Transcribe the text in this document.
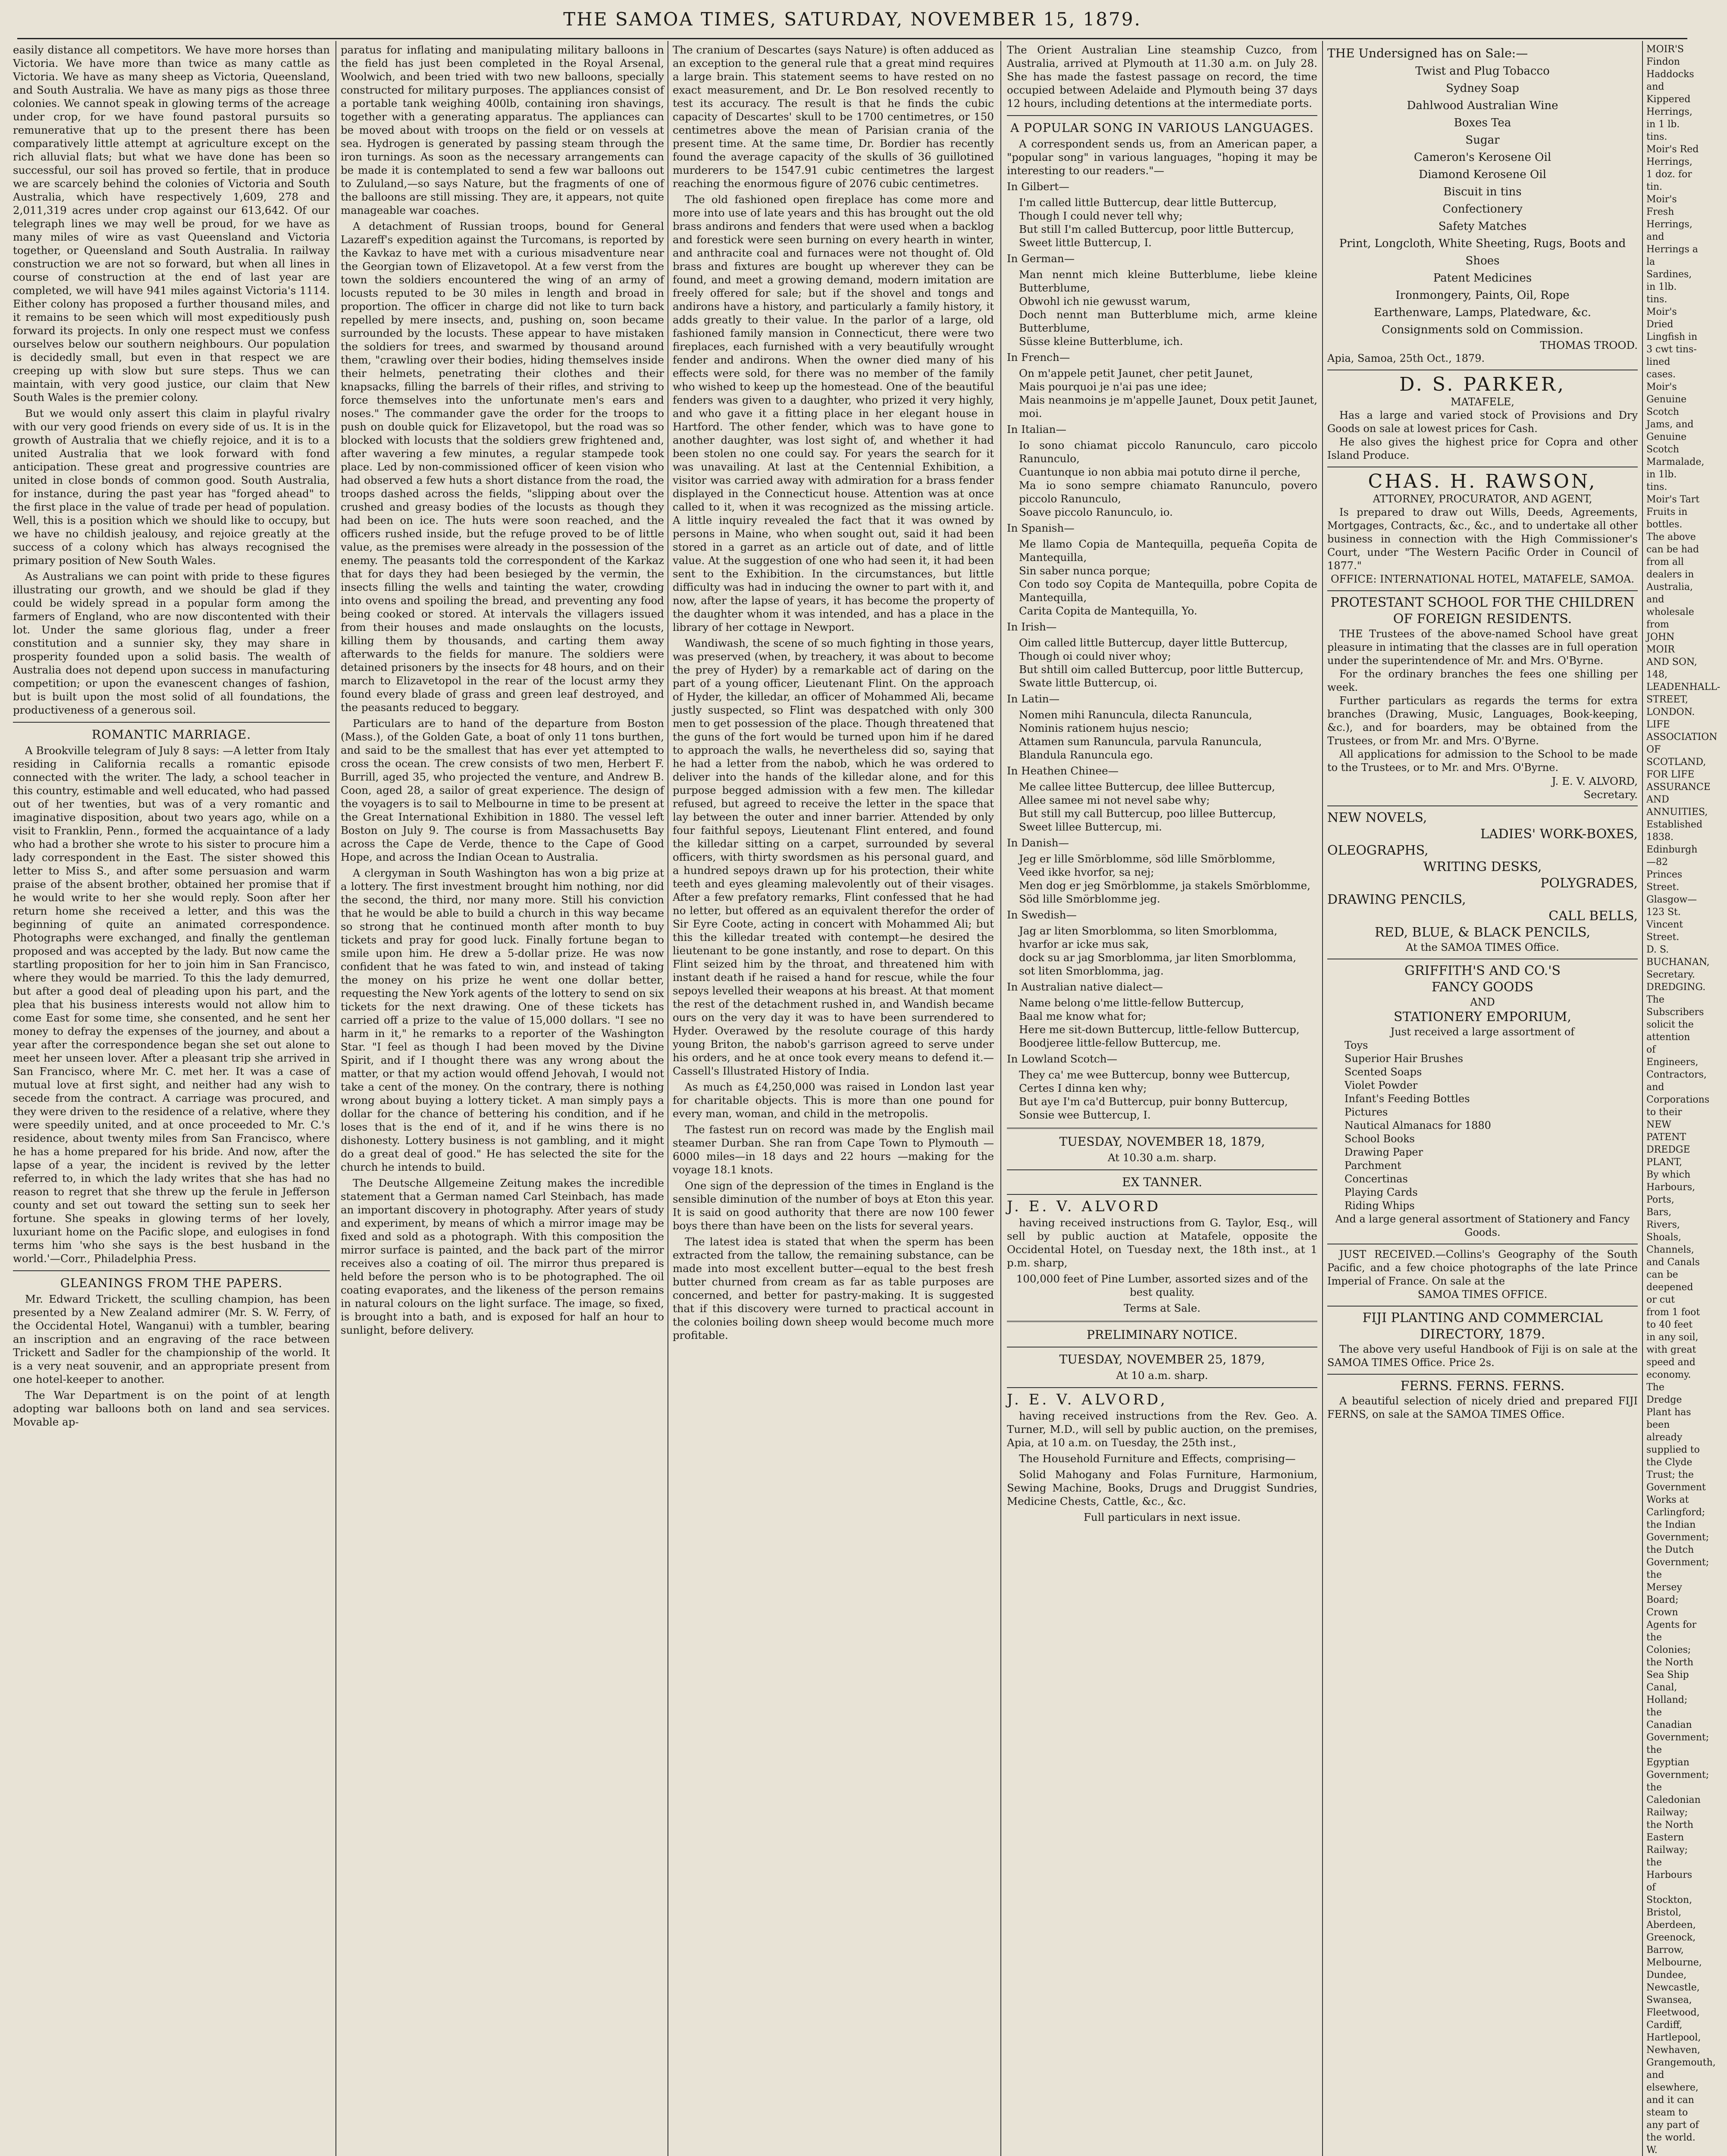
THE SAMOA TIMES, SATURDAY, NOVEMBER 15, 1879.

easily distance all competitors. We have more horses than Victoria. We have more than twice as many cattle as Victoria. We have as many sheep as Victoria, Queensland, and South Australia. We have as many pigs as those three colonies. We cannot speak in glowing terms of the acreage under crop, for we have found pastoral pursuits so remunerative that up to the present there has been comparatively little attempt at agriculture except on the rich alluvial flats; but what we have done has been so successful, our soil has proved so fertile, that in produce we are scarcely behind the colonies of Victoria and South Australia, which have respectively 1,609, 278 and 2,011,319 acres under crop against our 613,642. Of our telegraph lines we may well be proud, for we have as many miles of wire as vast Queensland and Victoria together, or Queensland and South Australia. In railway construction we are not so forward, but when all lines in course of construction at the end of last year are completed, we will have 941 miles against Victoria's 1114. Either colony has proposed a further thousand miles, and it remains to be seen which will most expeditiously push forward its projects. In only one respect must we confess ourselves below our southern neighbours. Our population is decidedly small, but even in that respect we are creeping up with slow but sure steps. Thus we can maintain, with very good justice, our claim that New South Wales is the premier colony.

But we would only assert this claim in playful rivalry with our very good friends on every side of us. It is in the growth of Australia that we chiefly rejoice, and it is to a united Australia that we look forward with fond anticipation. These great and progressive countries are united in close bonds of common good. South Australia, for instance, during the past year has "forged ahead" to the first place in the value of trade per head of population. Well, this is a position which we should like to occupy, but we have no childish jealousy, and rejoice greatly at the success of a colony which has always recognised the primary position of New South Wales.

As Australians we can point with pride to these figures illustrating our growth, and we should be glad if they could be widely spread in a popular form among the farmers of England, who are now discontented with their lot. Under the same glorious flag, under a freer constitution and a sunnier sky, they may share in prosperity founded upon a solid basis. The wealth of Australia does not depend upon success in manufacturing competition; or upon the evanescent changes of fashion, but is built upon the most solid of all foundations, the productiveness of a generous soil.

ROMANTIC MARRIAGE.

A Brookville telegram of July 8 says: —A letter from Italy residing in California recalls a romantic episode connected with the writer. The lady, a school teacher in this country, estimable and well educated, who had passed out of her twenties, but was of a very romantic and imaginative disposition, about two years ago, while on a visit to Franklin, Penn., formed the acquaintance of a lady who had a brother she wrote to his sister to procure him a lady correspondent in the East. The sister showed this letter to Miss S., and after some persuasion and warm praise of the absent brother, obtained her promise that if he would write to her she would reply. Soon after her return home she received a letter, and this was the beginning of quite an animated correspondence. Photographs were exchanged, and finally the gentleman proposed and was accepted by the lady. But now came the startling proposition for her to join him in San Francisco, where they would be married. To this the lady demurred, but after a good deal of pleading upon his part, and the plea that his business interests would not allow him to come East for some time, she consented, and he sent her money to defray the expenses of the journey, and about a year after the correspondence began she set out alone to meet her unseen lover. After a pleasant trip she arrived in San Francisco, where Mr. C. met her. It was a case of mutual love at first sight, and neither had any wish to secede from the contract. A carriage was procured, and they were driven to the residence of a relative, where they were speedily united, and at once proceeded to Mr. C.'s residence, about twenty miles from San Francisco, where he has a home prepared for his bride. And now, after the lapse of a year, the incident is revived by the letter referred to, in which the lady writes that she has had no reason to regret that she threw up the ferule in Jefferson county and set out toward the setting sun to seek her fortune. She speaks in glowing terms of her lovely, luxuriant home on the Pacific slope, and eulogises in fond terms him 'who she says is the best husband in the world.'—Corr., Philadelphia Press.

GLEANINGS FROM THE PAPERS.

Mr. Edward Trickett, the sculling champion, has been presented by a New Zealand admirer (Mr. S. W. Ferry, of the Occidental Hotel, Wanganui) with a tumbler, bearing an inscription and an engraving of the race between Trickett and Sadler for the championship of the world. It is a very neat souvenir, and an appropriate present from one hotel-keeper to another.

The War Department is on the point of at length adopting war balloons both on land and sea services. Movable ap-

paratus for inflating and manipulating military balloons in the field has just been completed in the Royal Arsenal, Woolwich, and been tried with two new balloons, specially constructed for military purposes. The appliances consist of a portable tank weighing 400lb, containing iron shavings, together with a generating apparatus. The appliances can be moved about with troops on the field or on vessels at sea. Hydrogen is generated by passing steam through the iron turnings. As soon as the necessary arrangements can be made it is contemplated to send a few war balloons out to Zululand,—so says Nature, but the fragments of one of the balloons are still missing. They are, it appears, not quite manageable war coaches.

A detachment of Russian troops, bound for General Lazareff's expedition against the Turcomans, is reported by the Kavkaz to have met with a curious misadventure near the Georgian town of Elizavetopol. At a few verst from the town the soldiers encountered the wing of an army of locusts reputed to be 30 miles in length and broad in proportion. The officer in charge did not like to turn back repelled by mere insects, and, pushing on, soon became surrounded by the locusts. These appear to have mistaken the soldiers for trees, and swarmed by thousand around them, "crawling over their bodies, hiding themselves inside their helmets, penetrating their clothes and their knapsacks, filling the barrels of their rifles, and striving to force themselves into the unfortunate men's ears and noses." The commander gave the order for the troops to push on double quick for Elizavetopol, but the road was so blocked with locusts that the soldiers grew frightened and, after wavering a few minutes, a regular stampede took place. Led by non-commissioned officer of keen vision who had observed a few huts a short distance from the road, the troops dashed across the fields, "slipping about over the crushed and greasy bodies of the locusts as though they had been on ice. The huts were soon reached, and the officers rushed inside, but the refuge proved to be of little value, as the premises were already in the possession of the enemy. The peasants told the correspondent of the Karkaz that for days they had been besieged by the vermin, the insects filling the wells and tainting the water, crowding into ovens and spoiling the bread, and preventing any food being cooked or stored. At intervals the villagers issued from their houses and made onslaughts on the locusts, killing them by thousands, and carting them away afterwards to the fields for manure. The soldiers were detained prisoners by the insects for 48 hours, and on their march to Elizavetopol in the rear of the locust army they found every blade of grass and green leaf destroyed, and the peasants reduced to beggary.

Particulars are to hand of the departure from Boston (Mass.), of the Golden Gate, a boat of only 11 tons burthen, and said to be the smallest that has ever yet attempted to cross the ocean. The crew consists of two men, Herbert F. Burrill, aged 35, who projected the venture, and Andrew B. Coon, aged 28, a sailor of great experience. The design of the voyagers is to sail to Melbourne in time to be present at the Great International Exhibition in 1880. The vessel left Boston on July 9. The course is from Massachusetts Bay across the Cape de Verde, thence to the Cape of Good Hope, and across the Indian Ocean to Australia.

A clergyman in South Washington has won a big prize at a lottery. The first investment brought him nothing, nor did the second, the third, nor many more. Still his conviction that he would be able to build a church in this way became so strong that he continued month after month to buy tickets and pray for good luck. Finally fortune began to smile upon him. He drew a 5-dollar prize. He was now confident that he was fated to win, and instead of taking the money on his prize he went one dollar better, requesting the New York agents of the lottery to send on six tickets for the next drawing. One of these tickets has carried off a prize to the value of 15,000 dollars. "I see no harm in it," he remarks to a reporter of the Washington Star. "I feel as though I had been moved by the Divine Spirit, and if I thought there was any wrong about the matter, or that my action would offend Jehovah, I would not take a cent of the money. On the contrary, there is nothing wrong about buying a lottery ticket. A man simply pays a dollar for the chance of bettering his condition, and if he loses that is the end of it, and if he wins there is no dishonesty. Lottery business is not gambling, and it might do a great deal of good." He has selected the site for the church he intends to build.

The Deutsche Allgemeine Zeitung makes the incredible statement that a German named Carl Steinbach, has made an important discovery in photography. After years of study and experiment, by means of which a mirror image may be fixed and sold as a photograph. With this composition the mirror surface is painted, and the back part of the mirror receives also a coating of oil. The mirror thus prepared is held before the person who is to be photographed. The oil coating evaporates, and the likeness of the person remains in natural colours on the light surface. The image, so fixed, is brought into a bath, and is exposed for half an hour to sunlight, before delivery.

The cranium of Descartes (says Nature) is often adduced as an exception to the general rule that a great mind requires a large brain. This statement seems to have rested on no exact measurement, and Dr. Le Bon resolved recently to test its accuracy. The result is that he finds the cubic capacity of Descartes' skull to be 1700 centimetres, or 150 centimetres above the mean of Parisian crania of the present time. At the same time, Dr. Bordier has recently found the average capacity of the skulls of 36 guillotined murderers to be 1547.91 cubic centimetres the largest reaching the enormous figure of 2076 cubic centimetres.

The old fashioned open fireplace has come more and more into use of late years and this has brought out the old brass andirons and fenders that were used when a backlog and forestick were seen burning on every hearth in winter, and anthracite coal and furnaces were not thought of. Old brass and fixtures are bought up wherever they can be found, and meet a growing demand, modern imitation are freely offered for sale; but if the shovel and tongs and andirons have a history, and particularly a family history, it adds greatly to their value. In the parlor of a large, old fashioned family mansion in Connecticut, there were two fireplaces, each furnished with a very beautifully wrought fender and andirons. When the owner died many of his effects were sold, for there was no member of the family who wished to keep up the homestead. One of the beautiful fenders was given to a daughter, who prized it very highly, and who gave it a fitting place in her elegant house in Hartford. The other fender, which was to have gone to another daughter, was lost sight of, and whether it had been stolen no one could say. For years the search for it was unavailing. At last at the Centennial Exhibition, a visitor was carried away with admiration for a brass fender displayed in the Connecticut house. Attention was at once called to it, when it was recognized as the missing article. A little inquiry revealed the fact that it was owned by persons in Maine, who when sought out, said it had been stored in a garret as an article out of date, and of little value. At the suggestion of one who had seen it, it had been sent to the Exhibition. In the circumstances, but little difficulty was had in inducing the owner to part with it, and now, after the lapse of years, it has become the property of the daughter whom it was intended, and has a place in the library of her cottage in Newport.

Wandiwash, the scene of so much fighting in those years, was preserved (when, by treachery, it was about to become the prey of Hyder) by a remarkable act of daring on the part of a young officer, Lieutenant Flint. On the approach of Hyder, the killedar, an officer of Mohammed Ali, became justly suspected, so Flint was despatched with only 300 men to get possession of the place. Though threatened that the guns of the fort would be turned upon him if he dared to approach the walls, he nevertheless did so, saying that he had a letter from the nabob, which he was ordered to deliver into the hands of the killedar alone, and for this purpose begged admission with a few men. The killedar refused, but agreed to receive the letter in the space that lay between the outer and inner barrier. Attended by only four faithful sepoys, Lieutenant Flint entered, and found the killedar sitting on a carpet, surrounded by several officers, with thirty swordsmen as his personal guard, and a hundred sepoys drawn up for his protection, their white teeth and eyes gleaming malevolently out of their visages. After a few prefatory remarks, Flint confessed that he had no letter, but offered as an equivalent therefor the order of Sir Eyre Coote, acting in concert with Mohammed Ali; but this the killedar treated with contempt—he desired the lieutenant to be gone instantly, and rose to depart. On this Flint seized him by the throat, and threatened him with instant death if he raised a hand for rescue, while the four sepoys levelled their weapons at his breast. At that moment the rest of the detachment rushed in, and Wandish became ours on the very day it was to have been surrendered to Hyder. Overawed by the resolute courage of this hardy young Briton, the nabob's garrison agreed to serve under his orders, and he at once took every means to defend it.—Cassell's Illustrated History of India.

As much as £4,250,000 was raised in London last year for charitable objects. This is more than one pound for every man, woman, and child in the metropolis.

The fastest run on record was made by the English mail steamer Durban. She ran from Cape Town to Plymouth —6000 miles—in 18 days and 22 hours —making for the voyage 18.1 knots.

One sign of the depression of the times in England is the sensible diminution of the number of boys at Eton this year. It is said on good authority that there are now 100 fewer boys there than have been on the lists for several years.

The latest idea is stated that when the sperm has been extracted from the tallow, the remaining substance, can be made into most excellent butter—equal to the best fresh butter churned from cream as far as table purposes are concerned, and better for pastry-making. It is suggested that if this discovery were turned to practical account in the colonies boiling down sheep would become much more profitable.

The Orient Australian Line steamship Cuzco, from Australia, arrived at Plymouth at 11.30 a.m. on July 28. She has made the fastest passage on record, the time occupied between Adelaide and Plymouth being 37 days 12 hours, including detentions at the intermediate ports.

A POPULAR SONG IN VARIOUS LANGUAGES.

A correspondent sends us, from an American paper, a "popular song" in various languages, "hoping it may be interesting to our readers."—

In Gilbert—

I'm called little Buttercup, dear little Buttercup,
Though I could never tell why;
But still I'm called Buttercup, poor little Buttercup,
Sweet little Buttercup, I.

In German—

Man nennt mich kleine Butterblume, liebe kleine Butterblume,
Obwohl ich nie gewusst warum,
Doch nennt man Butterblume mich, arme kleine Butterblume,
Süsse kleine Butterblume, ich.

In French—

On m'appele petit Jaunet, cher petit Jaunet,
Mais pourquoi je n'ai pas une idee;
Mais neanmoins je m'appelle Jaunet, Doux petit Jaunet, moi.

In Italian—

Io sono chiamat piccolo Ranunculo, caro piccolo Ranunculo,
Cuantunque io non abbia mai potuto dirne il perche,
Ma io sono sempre chiamato Ranunculo, povero piccolo Ranunculo,
Soave piccolo Ranunculo, io.

In Spanish—

Me llamo Copia de Mantequilla, pequeña Copita de Mantequilla,
Sin saber nunca porque;
Con todo soy Copita de Mantequilla, pobre Copita de Mantequilla,
Carita Copita de Mantequilla, Yo.

In Irish—

Oim called little Buttercup, dayer little Buttercup,
Though oi could niver whoy;
But shtill oim called Buttercup, poor little Buttercup,
Swate little Buttercup, oi.

In Latin—

Nomen mihi Ranuncula, dilecta Ranuncula,
Nominis rationem hujus nescio;
Attamen sum Ranuncula, parvula Ranuncula,
Blandula Ranuncula ego.

In Heathen Chinee—

Me callee littee Buttercup, dee lillee Buttercup,
Allee samee mi not nevel sabe why;
But still my call Buttercup, poo lillee Buttercup,
Sweet lillee Buttercup, mi.

In Danish—

Jeg er lille Smörblomme, söd lille Smörblomme,
Veed ikke hvorfor, sa nej;
Men dog er jeg Smörblomme, ja stakels Smörblomme,
Söd lille Smörblomme jeg.

In Swedish—

Jag ar liten Smorblomma, so liten Smorblomma,
hvarfor ar icke mus sak,
dock su ar jag Smorblomma, jar liten Smorblomma,
sot liten Smorblomma, jag.

In Australian native dialect—

Name belong o'me little-fellow Buttercup,
Baal me know what for;
Here me sit-down Buttercup, little-fellow Buttercup,
Boodjeree little-fellow Buttercup, me.

In Lowland Scotch—

They ca' me wee Buttercup, bonny wee Buttercup,
Certes I dinna ken why;
But aye I'm ca'd Buttercup, puir bonny Buttercup,
Sonsie wee Buttercup, I.

TUESDAY, NOVEMBER 18, 1879,

At 10.30 a.m. sharp.

EX TANNER.

J. E. V. ALVORD

having received instructions from G. Taylor, Esq., will sell by public auction at Matafele, opposite the Occidental Hotel, on Tuesday next, the 18th inst., at 1 p.m. sharp,

100,000 feet of Pine Lumber, assorted sizes and of the best quality.

Terms at Sale.

PRELIMINARY NOTICE.

TUESDAY, NOVEMBER 25, 1879,

At 10 a.m. sharp.

J. E. V. ALVORD,

having received instructions from the Rev. Geo. A. Turner, M.D., will sell by public auction, on the premises, Apia, at 10 a.m. on Tuesday, the 25th inst.,

The Household Furniture and Effects, comprising—

Solid Mahogany and Folas Furniture, Harmonium, Sewing Machine, Books, Drugs and Druggist Sundries, Medicine Chests, Cattle, &c., &c.

Full particulars in next issue.

THE Undersigned has on Sale:—

Twist and Plug Tobacco
Sydney Soap
Dahlwood Australian Wine
Boxes Tea
Sugar
Cameron's Kerosene Oil
Diamond Kerosene Oil
Biscuit in tins
Confectionery
Safety Matches
Print, Longcloth, White Sheeting, Rugs, Boots and Shoes
Patent Medicines
Ironmongery, Paints, Oil, Rope
Earthenware, Lamps, Platedware, &c.
Consignments sold on Commission.
THOMAS TROOD.
Apia, Samoa, 25th Oct., 1879.
D. S. PARKER,
MATAFELE,
Has a large and varied stock of Provisions and Dry Goods on sale at lowest prices for Cash.
He also gives the highest price for Copra and other Island Produce.
CHAS. H. RAWSON,
ATTORNEY, PROCURATOR, AND AGENT,
Is prepared to draw out Wills, Deeds, Agreements, Mortgages, Contracts, &c., &c., and to undertake all other business in connection with the High Commissioner's Court, under "The Western Pacific Order in Council of 1877."
OFFICE: INTERNATIONAL HOTEL, MATAFELE, SAMOA.
PROTESTANT SCHOOL FOR THE CHILDREN OF FOREIGN RESIDENTS.
THE Trustees of the above-named School have great pleasure in intimating that the classes are in full operation under the superintendence of Mr. and Mrs. O'Byrne.
For the ordinary branches the fees one shilling per week.
Further particulars as regards the terms for extra branches (Drawing, Music, Languages, Book-keeping, &c.), and for boarders, may be obtained from the Trustees, or from Mr. and Mrs. O'Byrne.
All applications for admission to the School to be made to the Trustees, or to Mr. and Mrs. O'Byrne.
J. E. V. ALVORD,
Secretary.
NEW NOVELS,
LADIES' WORK-BOXES,
OLEOGRAPHS,
WRITING DESKS,
POLYGRADES,
DRAWING PENCILS,
CALL BELLS,
RED, BLUE, & BLACK PENCILS,
At the SAMOA TIMES Office.
GRIFFITH'S AND CO.'S
FANCY GOODS
AND
STATIONERY EMPORIUM,
Just received a large assortment of
Toys
Superior Hair Brushes
Scented Soaps
Violet Powder
Infant's Feeding Bottles
Pictures
Nautical Almanacs for 1880
School Books
Drawing Paper
Parchment
Concertinas
Playing Cards
Riding Whips
And a large general assortment of Stationery and Fancy Goods.
JUST RECEIVED.—Collins's Geography of the South Pacific, and a few choice photographs of the late Prince Imperial of France. On sale at the
SAMOA TIMES OFFICE.
FIJI PLANTING AND COMMERCIAL DIRECTORY, 1879.
The above very useful Handbook of Fiji is on sale at the SAMOA TIMES Office. Price 2s.
FERNS. FERNS. FERNS.
A beautiful selection of nicely dried and prepared FIJI FERNS, on sale at the SAMOA TIMES Office.
MOIR'S Findon Haddocks and Kippered Herrings, in 1 lb. tins.
Moir's Red Herrings, 1 doz. for tin.
Moir's Fresh Herrings, and Herrings a la Sardines, in 1lb. tins.
Moir's Dried Lingfish in 3 cwt tins-lined cases.
Moir's Genuine Scotch Jams, and Genuine Scotch Marmalade, in 1lb. tins.
Moir's Tart Fruits in bottles.
The above can be had from all dealers in Australia, and wholesale from
JOHN MOIR AND SON,
148, LEADENHALL-STREET, LONDON.
LIFE ASSOCIATION OF SCOTLAND,
FOR LIFE ASSURANCE AND ANNUITIES, Established 1838.
Edinburgh—82 Princes Street.
Glasgow—123 St. Vincent Street.
D. S. BUCHANAN, Secretary.
DREDGING.
The Subscribers solicit the attention of Engineers, Contractors, and Corporations to their
NEW PATENT DREDGE PLANT,
By which Harbours, Ports, Bars, Rivers, Shoals, Channels, and Canals can be deepened or cut from 1 foot to 40 feet in any soil, with great speed and economy. The Dredge Plant has been already supplied to the Clyde Trust; the Government Works at Carlingford; the Indian Government; the Dutch Government; the Mersey Board; Crown Agents for the Colonies; the North Sea Ship Canal, Holland; the Canadian Government; the Egyptian Government; the Caledonian Railway; the North Eastern Railway; the Harbours of Stockton, Bristol, Aberdeen, Greenock, Barrow, Melbourne, Dundee, Newcastle, Swansea, Fleetwood, Cardiff, Hartlepool, Newhaven, Grangemouth, and elsewhere, and it can steam to any part of the world.
W.
